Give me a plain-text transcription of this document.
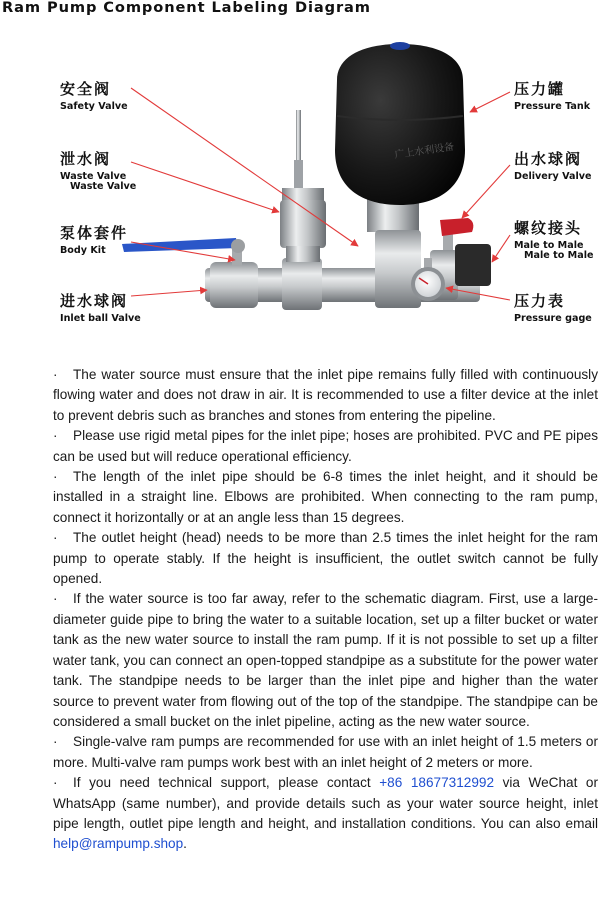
Ram Pump Component Labeling Diagram
广上水利设备
安全阀
Safety Valve
泄水阀
Waste Valve
Waste Valve
泵体套件
Body Kit
进水球阀
Inlet ball Valve
压力罐
Pressure Tank
出水球阀
Delivery Valve
螺纹接头
Male to Male
Male to Male
压力表
Pressure gage

· The water source must ensure that the inlet pipe remains fully filled with continuously flowing water and does not draw in air. It is recommended to use a filter device at the inlet to prevent debris such as branches and stones from entering the pipeline.

· Please use rigid metal pipes for the inlet pipe; hoses are prohibited. PVC and PE pipes can be used but will reduce operational efficiency.

· The length of the inlet pipe should be 6-8 times the inlet height, and it should be installed in a straight line. Elbows are prohibited. When connecting to the ram pump, connect it horizontally or at an angle less than 15 degrees.

· The outlet height (head) needs to be more than 2.5 times the inlet height for the ram pump to operate stably. If the height is insufficient, the outlet switch cannot be fully opened.

· If the water source is too far away, refer to the schematic diagram. First, use a large-diameter guide pipe to bring the water to a suitable location, set up a filter bucket or water tank as the new water source to install the ram pump. If it is not possible to set up a filter water tank, you can connect an open-topped standpipe as a substitute for the power water tank. The standpipe needs to be larger than the inlet pipe and higher than the water source to prevent water from flowing out of the top of the standpipe. The standpipe can be considered a small bucket on the inlet pipeline, acting as the new water source.

· Single-valve ram pumps are recommended for use with an inlet height of 1.5 meters or more. Multi-valve ram pumps work best with an inlet height of 2 meters or more.

· If you need technical support, please contact +86 18677312992 via WeChat or WhatsApp (same number), and provide details such as your water source height, inlet pipe length, outlet pipe length and height, and installation conditions. You can also email help@rampump.shop.
